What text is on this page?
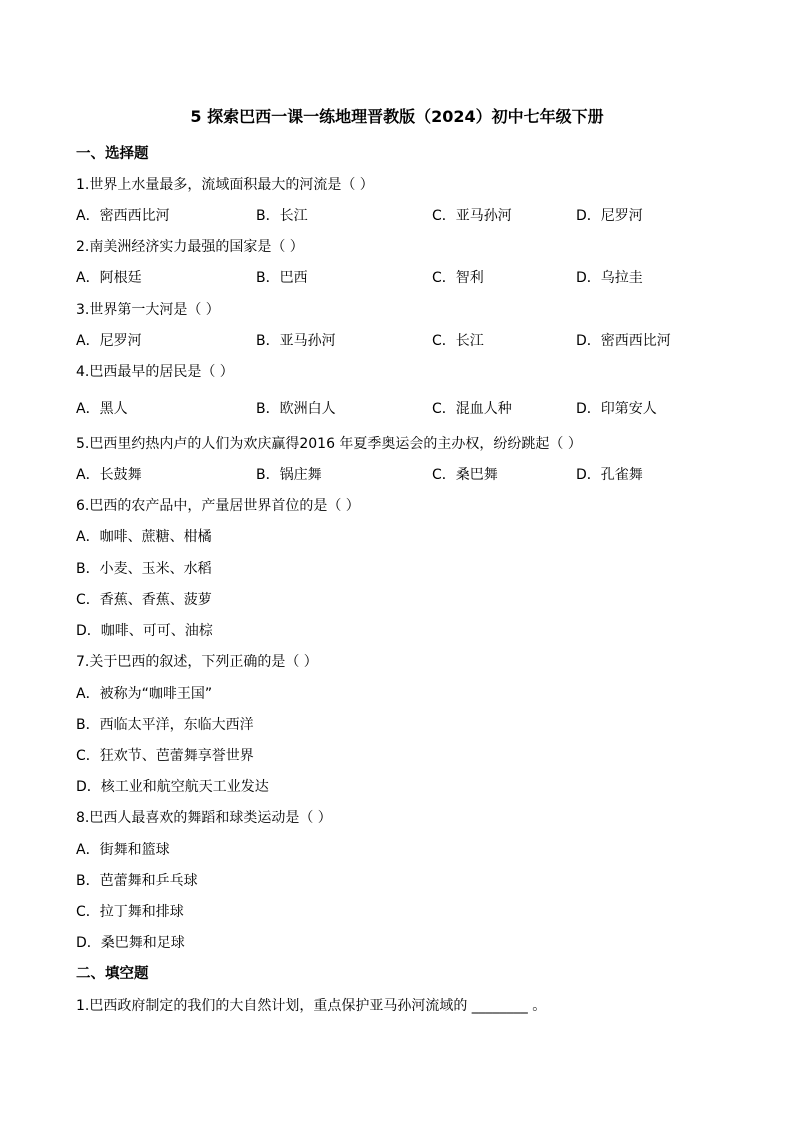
5 探索巴西一课一练地理晋教版（2024）初中七年级下册
一、选择题
1.世界上水量最多，流域面积最大的河流是（ ）
A．密西西比河	B．长江	C．亚马孙河	D．尼罗河
2.南美洲经济实力最强的国家是（ ）
A．阿根廷	B．巴西	C．智利	D．乌拉圭
3.世界第一大河是（ ）
A．尼罗河	B．亚马孙河	C．长江	D．密西西比河
4.巴西最早的居民是（ ）
A．黑人	B．欧洲白人	C．混血人种	D．印第安人
5.巴西里约热内卢的人们为欢庆赢得2016 年夏季奥运会的主办权，纷纷跳起（ ）
A．长鼓舞	B．锅庄舞	C．桑巴舞	D．孔雀舞
6.巴西的农产品中，产量居世界首位的是（ ）
A．咖啡、蔗糖、柑橘
B．小麦、玉米、水稻
C．香蕉、香蕉、菠萝
D．咖啡、可可、油棕
7.关于巴西的叙述，下列正确的是（ ）
A．被称为“咖啡王国”
B．西临太平洋，东临大西洋
C．狂欢节、芭蕾舞享誉世界
D．核工业和航空航天工业发达
8.巴西人最喜欢的舞蹈和球类运动是（ ）
A．街舞和篮球
B．芭蕾舞和乒乓球
C．拉丁舞和排球
D．桑巴舞和足球
二、填空题
1.巴西政府制定的我们的大自然计划，重点保护亚马孙河流域的 ________ 。
